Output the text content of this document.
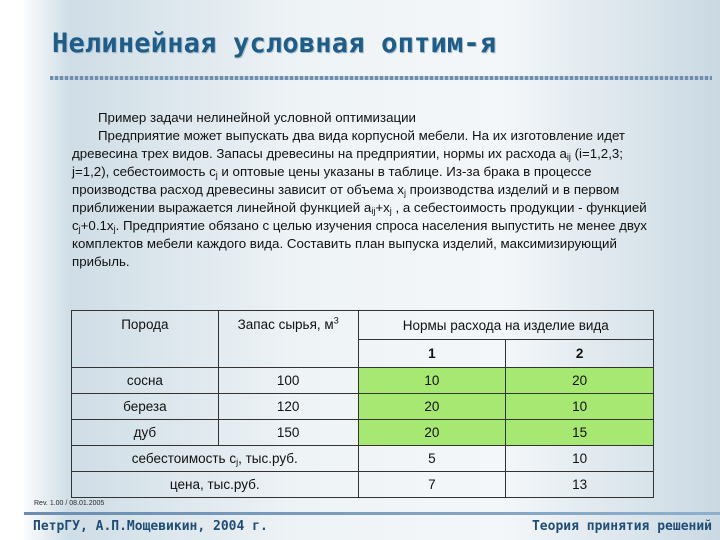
Нелинейная условная оптим-я

Пример задачи нелинейной условной оптимизации

Предприятие может выпускать два вида корпусной мебели. На их изготовление идет древесина трех видов. Запасы древесины на предприятии, нормы их расхода $a_{ij}$ (i=1,2,3; j=1,2), себестоимость $c_j$ и оптовые цены указаны в таблице. Из-за брака в процессе производства расход древесины зависит от объема $x_j$ производства изделий и в первом приближении выражается линейной функцией $a_{ij}+x_j$ , а себестоимость продукции - функцией $c_j+0.1x_j$. Предприятие обязано с целью изучения спроса населения выпустить не менее двух комплектов мебели каждого вида. Составить план выпуска изделий, максимизирующий прибыль.

Порода	Запас сырья, $м^3$	Нормы расхода на изделие вида	
		1	2
сосна	100	10	20
береза	120	20	10
дуб	150	20	15
себестоимость $c_j$, тыс.руб.		5	10
цена, тыс.руб.		7	13
Rev. 1.00 / 08.01.2005
ПетрГУ, А.П.Мощевикин, 2004 г.	Теория принятия решений
